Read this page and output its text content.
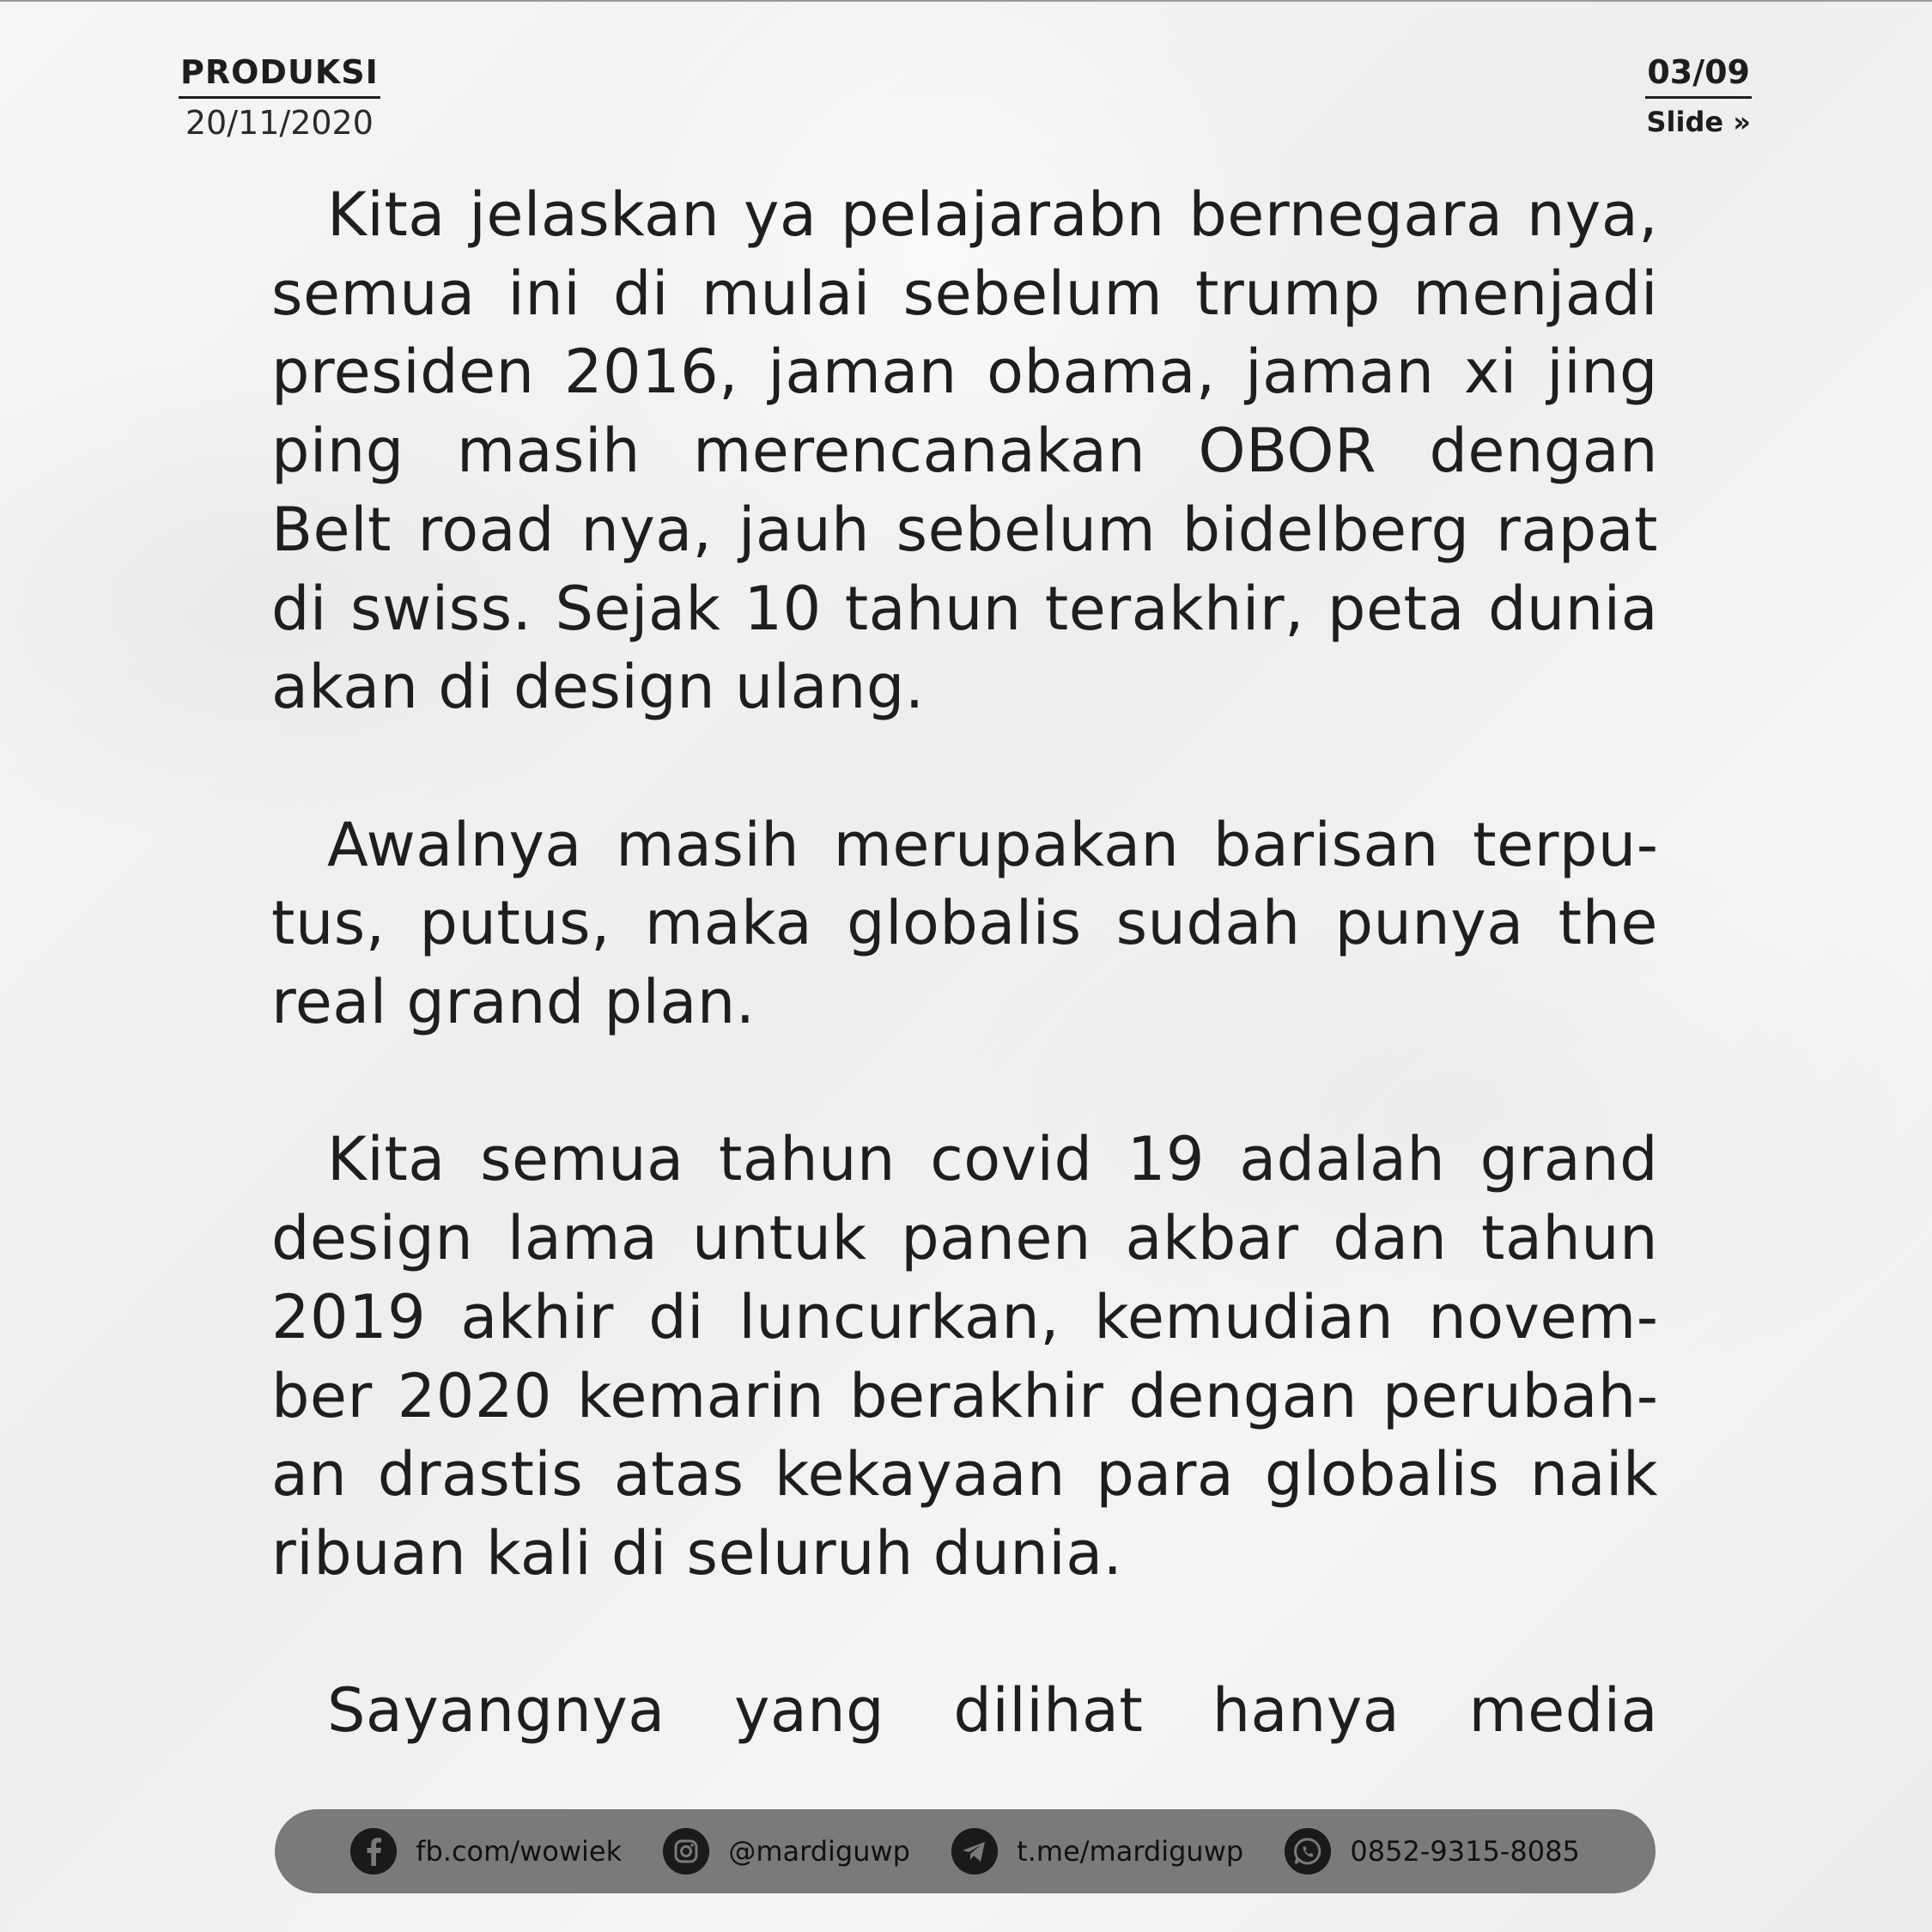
PRODUKSI
20/11/2020
03/09
Slide »

Kita jelaskan ya pelajarabn bernegara nya, semua ini di mulai sebelum trump menjadi presiden 2016, jaman obama, jaman xi jing ping masih merencanakan OBOR dengan Belt road nya, jauh sebelum bidelberg rapat di swiss. Sejak 10 tahun terakhir, peta dunia akan di design ulang.

Awalnya masih merupakan barisan terputus, putus, maka globalis sudah punya the real grand plan.

Kita semua tahun covid 19 adalah grand design lama untuk panen akbar dan tahun 2019 akhir di luncurkan, kemudian november 2020 kemarin berakhir dengan perubahan drastis atas kekayaan para globalis naik ribuan kali di seluruh dunia.

Sayangnya yang dilihat hanya media

fb.com/wowiek	@mardiguwp	t.me/mardiguwp	0852-9315-8085
